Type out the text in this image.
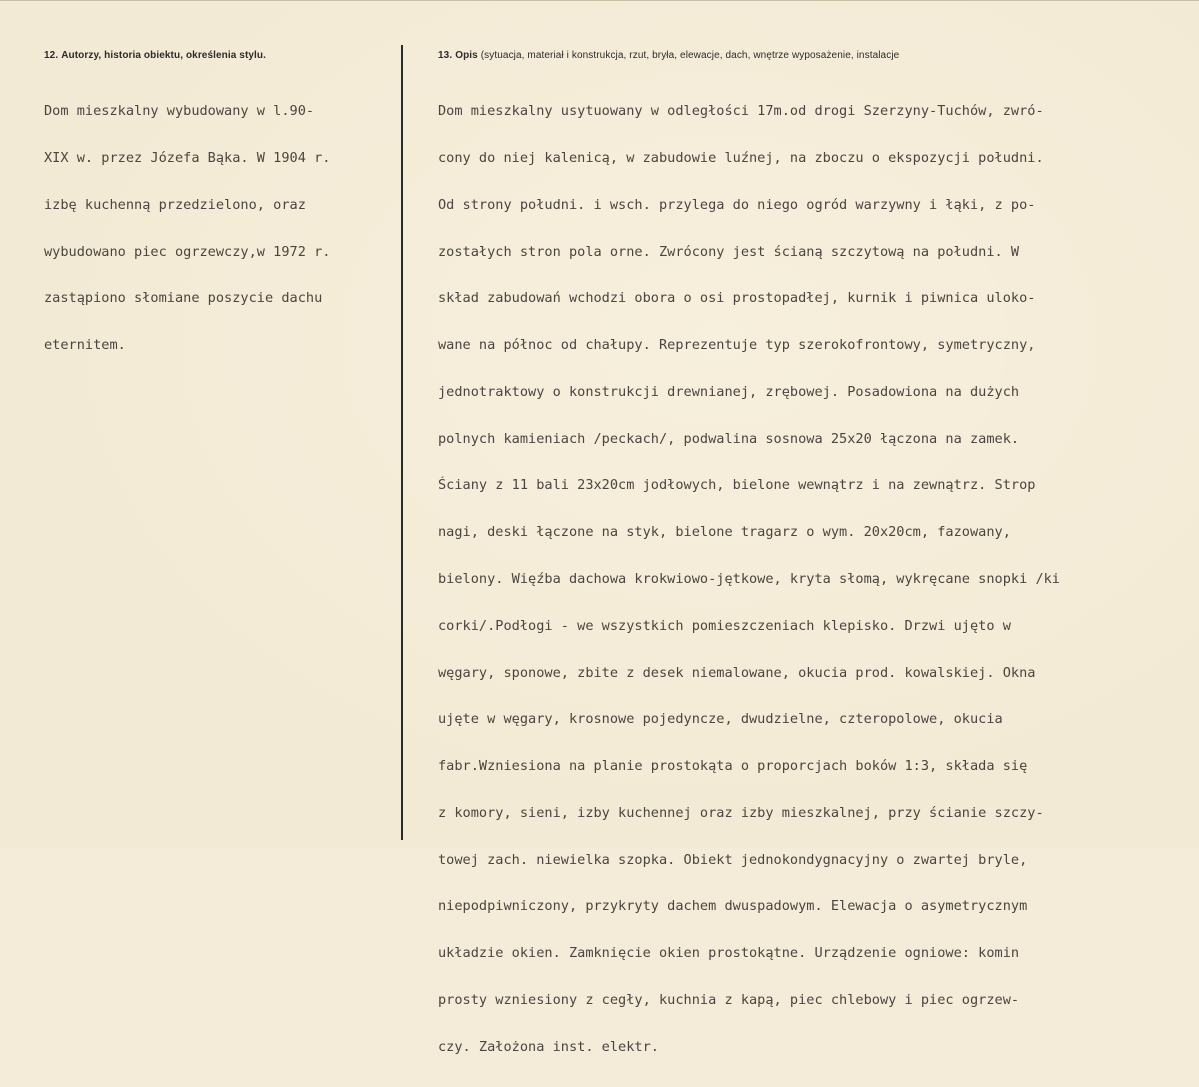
12. Autorzy, historia obiektu, określenia stylu.	13. Opis (sytuacja, materiał i konstrukcja, rzut, bryła, elewacje, dach, wnętrze wyposażenie, instalacje

Dom mieszkalny wybudowany w l.90-

XIX w. przez Józefa Bąka. W 1904 r.

izbę kuchenną przedzielono, oraz

wybudowano piec ogrzewczy,w 1972 r.

zastąpiono słomiane poszycie dachu

eternitem.

Dom mieszkalny usytuowany w odległości 17m.od drogi Szerzyny-Tuchów, zwró-

cony do niej kalenicą, w zabudowie luźnej, na zboczu o ekspozycji południ.

Od strony południ. i wsch. przylega do niego ogród warzywny i łąki, z po-

zostałych stron pola orne. Zwrócony jest ścianą szczytową na południ. W

skład zabudowań wchodzi obora o osi prostopadłej, kurnik i piwnica uloko-

wane na północ od chałupy. Reprezentuje typ szerokofrontowy, symetryczny,

jednotraktowy o konstrukcji drewnianej, zrębowej. Posadowiona na dużych

polnych kamieniach /peckach/, podwalina sosnowa 25x20 łączona na zamek.

Ściany z 11 bali 23x20cm jodłowych, bielone wewnątrz i na zewnątrz. Strop

nagi, deski łączone na styk, bielone tragarz o wym. 20x20cm, fazowany,

bielony. Więźba dachowa krokwiowo-jętkowe, kryta słomą, wykręcane snopki /ki

corki/.Podłogi - we wszystkich pomieszczeniach klepisko. Drzwi ujęto w

węgary, sponowe, zbite z desek niemalowane, okucia prod. kowalskiej. Okna

ujęte w węgary, krosnowe pojedyncze, dwudzielne, czteropolowe, okucia

fabr.Wzniesiona na planie prostokąta o proporcjach boków 1:3, składa się

z komory, sieni, izby kuchennej oraz izby mieszkalnej, przy ścianie szczy-

towej zach. niewielka szopka. Obiekt jednokondygnacyjny o zwartej bryle,

niepodpiwniczony, przykryty dachem dwuspadowym. Elewacja o asymetrycznym

układzie okien. Zamknięcie okien prostokątne. Urządzenie ogniowe: komin

prosty wzniesiony z cegły, kuchnia z kapą, piec chlebowy i piec ogrzew-

czy. Założona inst. elektr.
